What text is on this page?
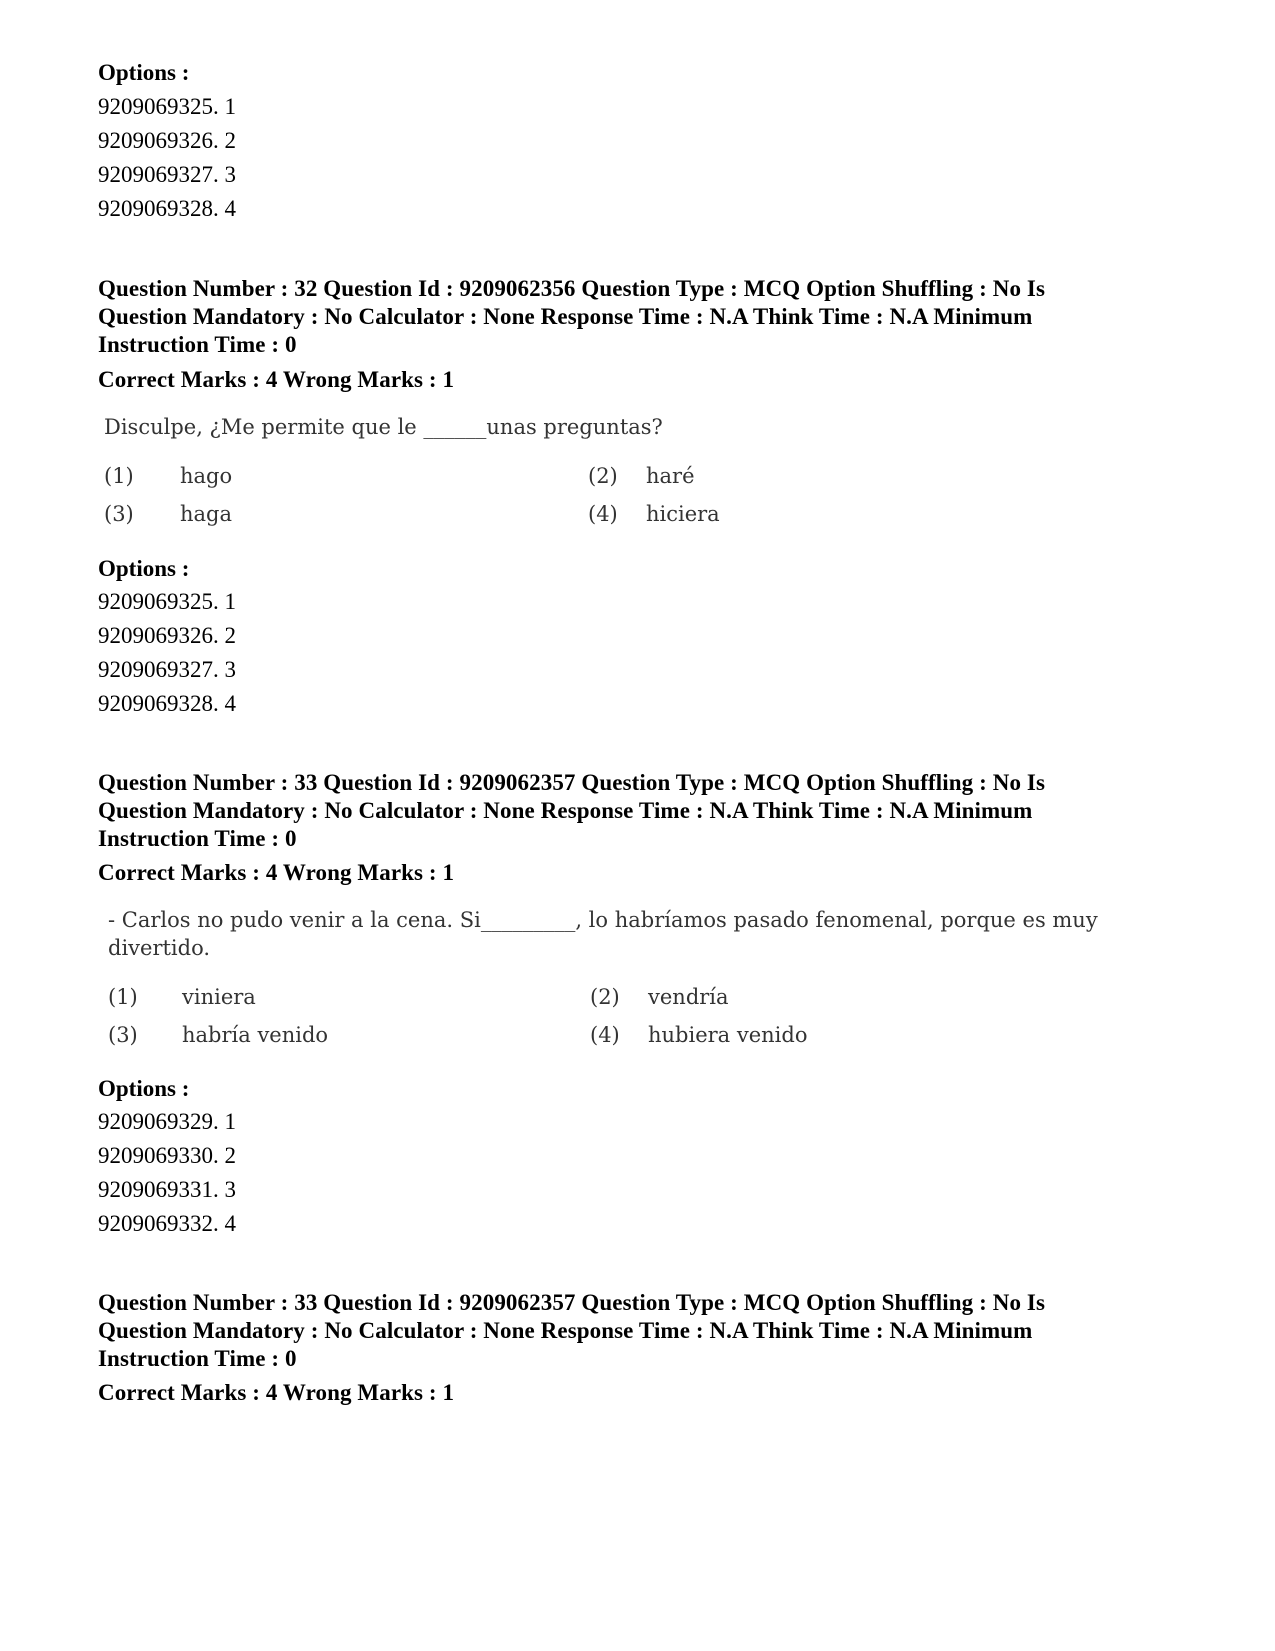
Options :

9209069325. 1

9209069326. 2

9209069327. 3

9209069328. 4

Question Number : 32 Question Id : 9209062356 Question Type : MCQ Option Shuffling : No Is

Question Mandatory : No Calculator : None Response Time : N.A Think Time : N.A Minimum

Instruction Time : 0

Correct Marks : 4 Wrong Marks : 1

Disculpe, ¿Me permite que le ______unas preguntas?

(1) hago	(2) haré
(3) haga	(4) hiciera

Options :

9209069325. 1

9209069326. 2

9209069327. 3

9209069328. 4

Question Number : 33 Question Id : 9209062357 Question Type : MCQ Option Shuffling : No Is

Question Mandatory : No Calculator : None Response Time : N.A Think Time : N.A Minimum

Instruction Time : 0

Correct Marks : 4 Wrong Marks : 1

- Carlos no pudo venir a la cena. Si_________, lo habríamos pasado fenomenal, porque es muy

divertido.

(1) viniera	(2) vendría
(3) habría venido	(4) hubiera venido

Options :

9209069329. 1

9209069330. 2

9209069331. 3

9209069332. 4

Question Number : 33 Question Id : 9209062357 Question Type : MCQ Option Shuffling : No Is

Question Mandatory : No Calculator : None Response Time : N.A Think Time : N.A Minimum

Instruction Time : 0

Correct Marks : 4 Wrong Marks : 1
